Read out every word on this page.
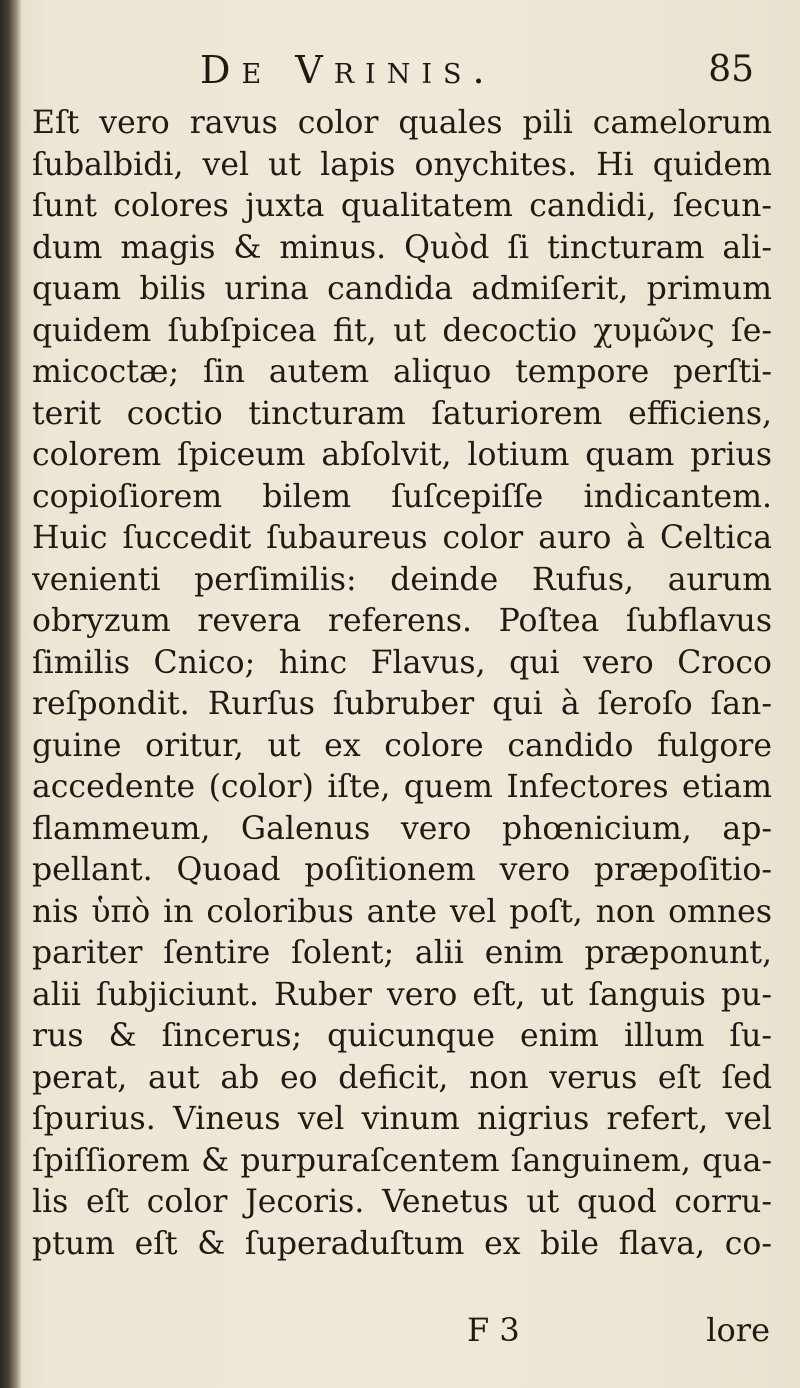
De Vrinis.	85
Eſt vero ravus color quales pili camelorum
ſubalbidi, vel ut lapis onychites. Hi quidem
ſunt colores juxta qualitatem candidi, ſecun-
dum magis & minus. Quòd ſi tincturam ali-
quam bilis urina candida admiſerit, primum
quidem ſubſpicea fit, ut decoctio χυμῶνς ſe-
micoctæ; ſin autem aliquo tempore perſti-
terit coctio tincturam ſaturiorem efficiens,
colorem ſpiceum abſolvit, lotium quam prius
copioſiorem bilem ſuſcepiſſe indicantem.
Huic ſuccedit ſubaureus color auro à Celtica
venienti perſimilis: deinde Rufus, aurum
obryzum revera referens. Poſtea ſubflavus
ſimilis Cnico; hinc Flavus, qui vero Croco
reſpondit. Rurſus ſubruber qui à ſeroſo ſan-
guine oritur, ut ex colore candido fulgore
accedente (color) iſte, quem Infectores etiam
flammeum, Galenus vero phœnicium, ap-
pellant. Quoad poſitionem vero præpoſitio-
nis ὑπὸ in coloribus ante vel poſt, non omnes
pariter ſentire ſolent; alii enim præponunt,
alii ſubjiciunt. Ruber vero eſt, ut ſanguis pu-
rus & ſincerus; quicunque enim illum ſu-
perat, aut ab eo deficit, non verus eſt ſed
ſpurius. Vineus vel vinum nigrius refert, vel
ſpiſſiorem & purpuraſcentem ſanguinem, qua-
lis eſt color Jecoris. Venetus ut quod corru-
ptum eſt & ſuperaduſtum ex bile flava, co-
F 3	lore
